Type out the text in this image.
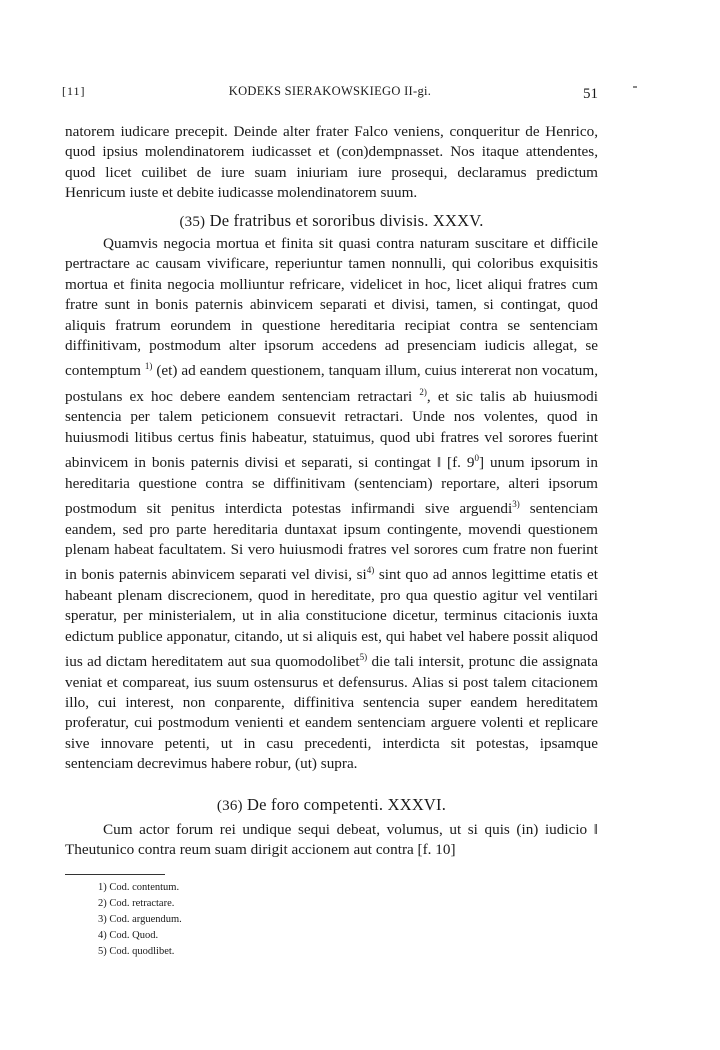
[11]	KODEKS SIERAKOWSKIEGO II-gi.	51

natorem iudicare precepit. Deinde alter frater Falco veniens, conqueritur de Henrico, quod ipsius molendinatorem iudicasset et (con)dempnasset. Nos itaque attendentes, quod licet cuilibet de iure suam iniuriam iure prosequi, declaramus predictum Henricum iuste et debite iudicasse molendinatorem suum.

(35) De fratribus et sororibus divisis. XXXV.

Quamvis negocia mortua et finita sit quasi contra naturam suscitare et difficile pertractare ac causam vivificare, reperiuntur tamen nonnulli, qui coloribus exquisitis mortua et finita negocia molliuntur refricare, videlicet in hoc, licet aliqui fratres cum fratre sunt in bonis paternis abinvicem separati et divisi, tamen, si contingat, quod aliquis fratrum eorundem in questione hereditaria recipiat contra se sentenciam diffinitivam, postmodum alter ipsorum accedens ad presenciam iudicis allegat, se contemptum $^{1)}$ (et) ad eandem questionem, tanquam illum, cuius intererat non vocatum, postulans ex hoc debere eandem sentenciam retractari $^{2)}$, et sic talis ab huiusmodi sentencia per talem peticionem consuevit retractari. Unde nos volentes, quod in huiusmodi litibus certus finis habeatur, statuimus, quod ubi fratres vel sorores fuerint abinvicem in bonis paternis divisi et separati, si contingat ‖ [f. $9^0$] unum ipsorum in hereditaria questione contra se diffinitivam (sentenciam) reportare, alteri ipsorum postmodum sit penitus interdicta potestas infirmandi sive arguendi$^{3)}$ sentenciam eandem, sed pro parte hereditaria duntaxat ipsum contingente, movendi questionem plenam habeat facultatem. Si vero huiusmodi fratres vel sorores cum fratre non fuerint in bonis paternis abinvicem separati vel divisi, $si^{4)}$ sint quo ad annos legittime etatis et habeant plenam discrecionem, quod in hereditate, pro qua questio agitur vel ventilari speratur, per ministerialem, ut in alia constitucione dicetur, terminus citacionis iuxta edictum publice apponatur, citando, ut si aliquis est, qui habet vel habere possit aliquod ius ad dictam hereditatem aut sua quomodolibet$^{5)}$ die tali intersit, protunc die assignata veniat et compareat, ius suum ostensurus et defensurus. Alias si post talem citacionem illo, cui interest, non conparente, diffinitiva sentencia super eandem hereditatem proferatur, cui postmodum venienti et eandem sentenciam arguere volenti et replicare sive innovare petenti, ut in casu precedenti, interdicta sit potestas, ipsamque sentenciam decrevimus habere robur, (ut) supra.

(36) De foro competenti. XXXVI.

Cum actor forum rei undique sequi debeat, volumus, ut si quis (in) iudicio ‖ Theutunico contra reum suam dirigit accionem aut contra [f. 10]

1) Cod. contentum.
2) Cod. retractare.
3) Cod. arguendum.
4) Cod. Quod.
5) Cod. quodlibet.
